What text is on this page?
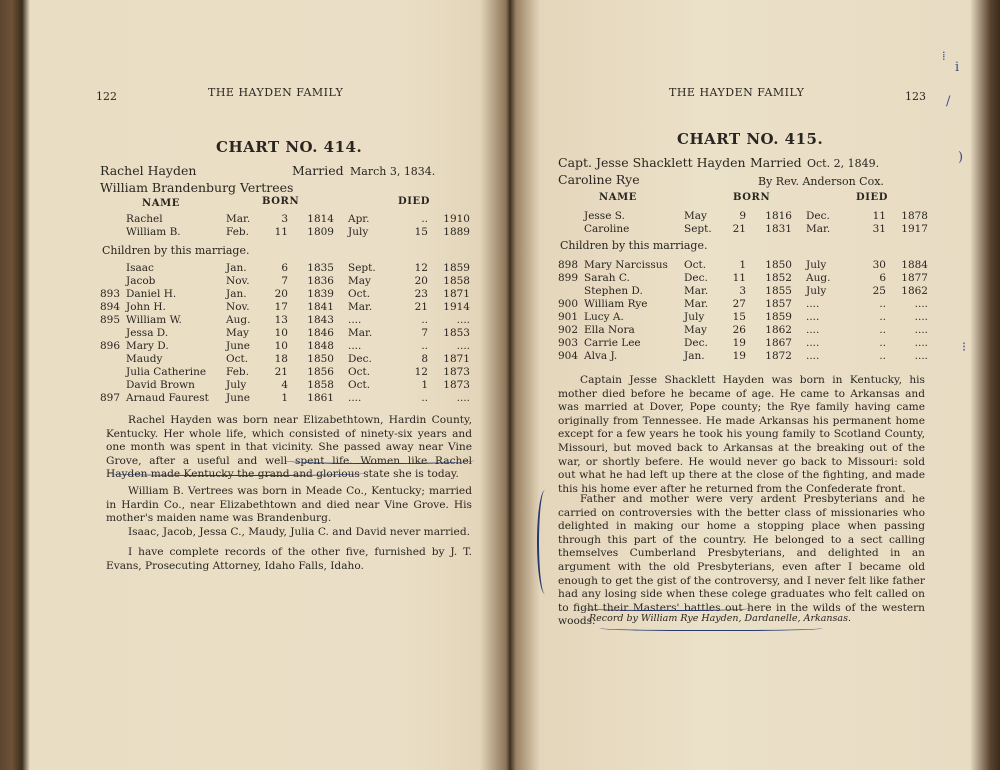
122	THE HAYDEN FAMILY
CHART NO. 414.
Rachel Hayden	Married March 3, 1834.
William Brandenburg Vertrees
NAME	BORN	DIED
	Rachel	Mar.	3	1814	Apr.	..	1910
	William B.	Feb.	11	1809	July	15	1889
Children by this marriage.
	Isaac	Jan.	6	1835	Sept.	12	1859
	Jacob	Nov.	7	1836	May	20	1858
893	Daniel H.	Jan.	20	1839	Oct.	23	1871
894	John H.	Nov.	17	1841	Mar.	21	1914
895	William W.	Aug.	13	1843	....	..	....
	Jessa D.	May	10	1846	Mar.	7	1853
896	Mary D.	June	10	1848	....	..	....
	Maudy	Oct.	18	1850	Dec.	8	1871
	Julia Catherine	Feb.	21	1856	Oct.	12	1873
	David Brown	July	4	1858	Oct.	1	1873
897	Arnaud Faurest	June	1	1861	....	..	....
Rachel Hayden was born near Elizabethtown, Hardin County, Kentucky. Her whole life, which consisted of ninety-six years and one month was spent in that vicinity. She passed away near Vine Grove, after a useful and well spent life. Women like Rachel Hayden made Kentucky the grand and glorious state she is today.
William B. Vertrees was born in Meade Co., Kentucky; married in Hardin Co., near Elizabethtown and died near Vine Grove. His mother's maiden name was Brandenburg.
Isaac, Jacob, Jessa C., Maudy, Julia C. and David never married.
I have complete records of the other five, furnished by J. T. Evans, Prosecuting Attorney, Idaho Falls, Idaho.
THE HAYDEN FAMILY	123
CHART NO. 415.
Capt. Jesse Shacklett Hayden Married Oct. 2, 1849.
Caroline Rye	By Rev. Anderson Cox.
NAME	BORN	DIED
	Jesse S.	May	9	1816	Dec.	11	1878
	Caroline	Sept.	21	1831	Mar.	31	1917
Children by this marriage.
898	Mary Narcissus	Oct.	1	1850	July	30	1884
899	Sarah C.	Dec.	11	1852	Aug.	6	1877
	Stephen D.	Mar.	3	1855	July	25	1862
900	William Rye	Mar.	27	1857	....	..	....
901	Lucy A.	July	15	1859	....	..	....
902	Ella Nora	May	26	1862	....	..	....
903	Carrie Lee	Dec.	19	1867	....	..	....
904	Alva J.	Jan.	19	1872	....	..	....
Captain Jesse Shacklett Hayden was born in Kentucky, his mother died before he became of age. He came to Arkansas and was married at Dover, Pope county; the Rye family having came originally from Tennessee. He made Arkansas his permanent home except for a few years he took his young family to Scotland County, Missouri, but moved back to Arkansas at the breaking out of the war, or shortly befere. He would never go back to Missouri: sold out what he had left up there at the close of the fighting, and made this his home ever after he returned from the Confederate front.
Father and mother were very ardent Presbyterians and he carried on controversies with the better class of missionaries who delighted in making our home a stopping place when passing through this part of the country. He belonged to a sect calling themselves Cumberland Presbyterians, and delighted in an argument with the old Presbyterians, even after I became old enough to get the gist of the controversy, and I never felt like father had any losing side when these colege graduates who felt called on to fight their Masters' battles out here in the wilds of the western woods.
Record by William Rye Hayden, Dardanelle, Arkansas.
⁞
ⅰ
/
)
⁝
